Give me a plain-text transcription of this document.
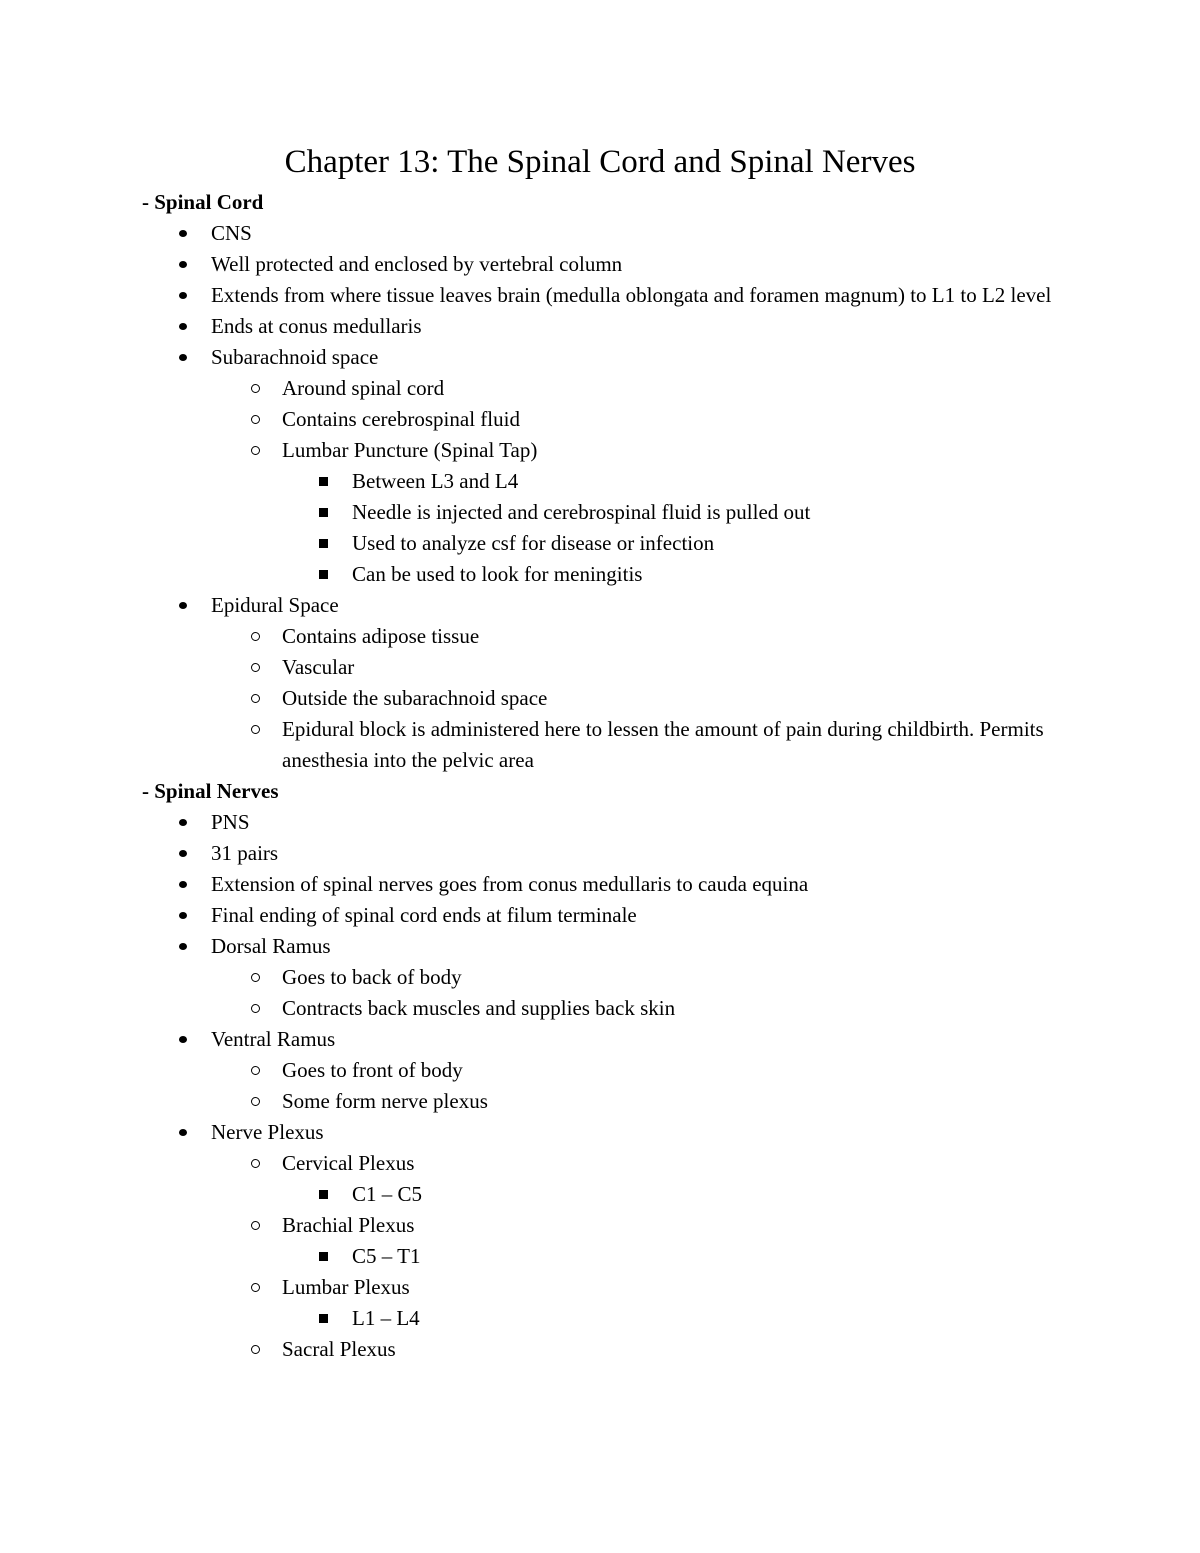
Chapter 13: The Spinal Cord and Spinal Nerves
- Spinal Cord
CNS
Well protected and enclosed by vertebral column
Extends from where tissue leaves brain (medulla oblongata and foramen magnum) to L1 to L2 level
Ends at conus medullaris
Subarachnoid space
Around spinal cord
Contains cerebrospinal fluid
Lumbar Puncture (Spinal Tap)
Between L3 and L4
Needle is injected and cerebrospinal fluid is pulled out
Used to analyze csf for disease or infection
Can be used to look for meningitis
Epidural Space
Contains adipose tissue
Vascular
Outside the subarachnoid space
Epidural block is administered here to lessen the amount of pain during childbirth. Permits anesthesia into the pelvic area
- Spinal Nerves
PNS
31 pairs
Extension of spinal nerves goes from conus medullaris to cauda equina
Final ending of spinal cord ends at filum terminale
Dorsal Ramus
Goes to back of body
Contracts back muscles and supplies back skin
Ventral Ramus
Goes to front of body
Some form nerve plexus
Nerve Plexus
Cervical Plexus
C1 – C5
Brachial Plexus
C5 – T1
Lumbar Plexus
L1 – L4
Sacral Plexus
